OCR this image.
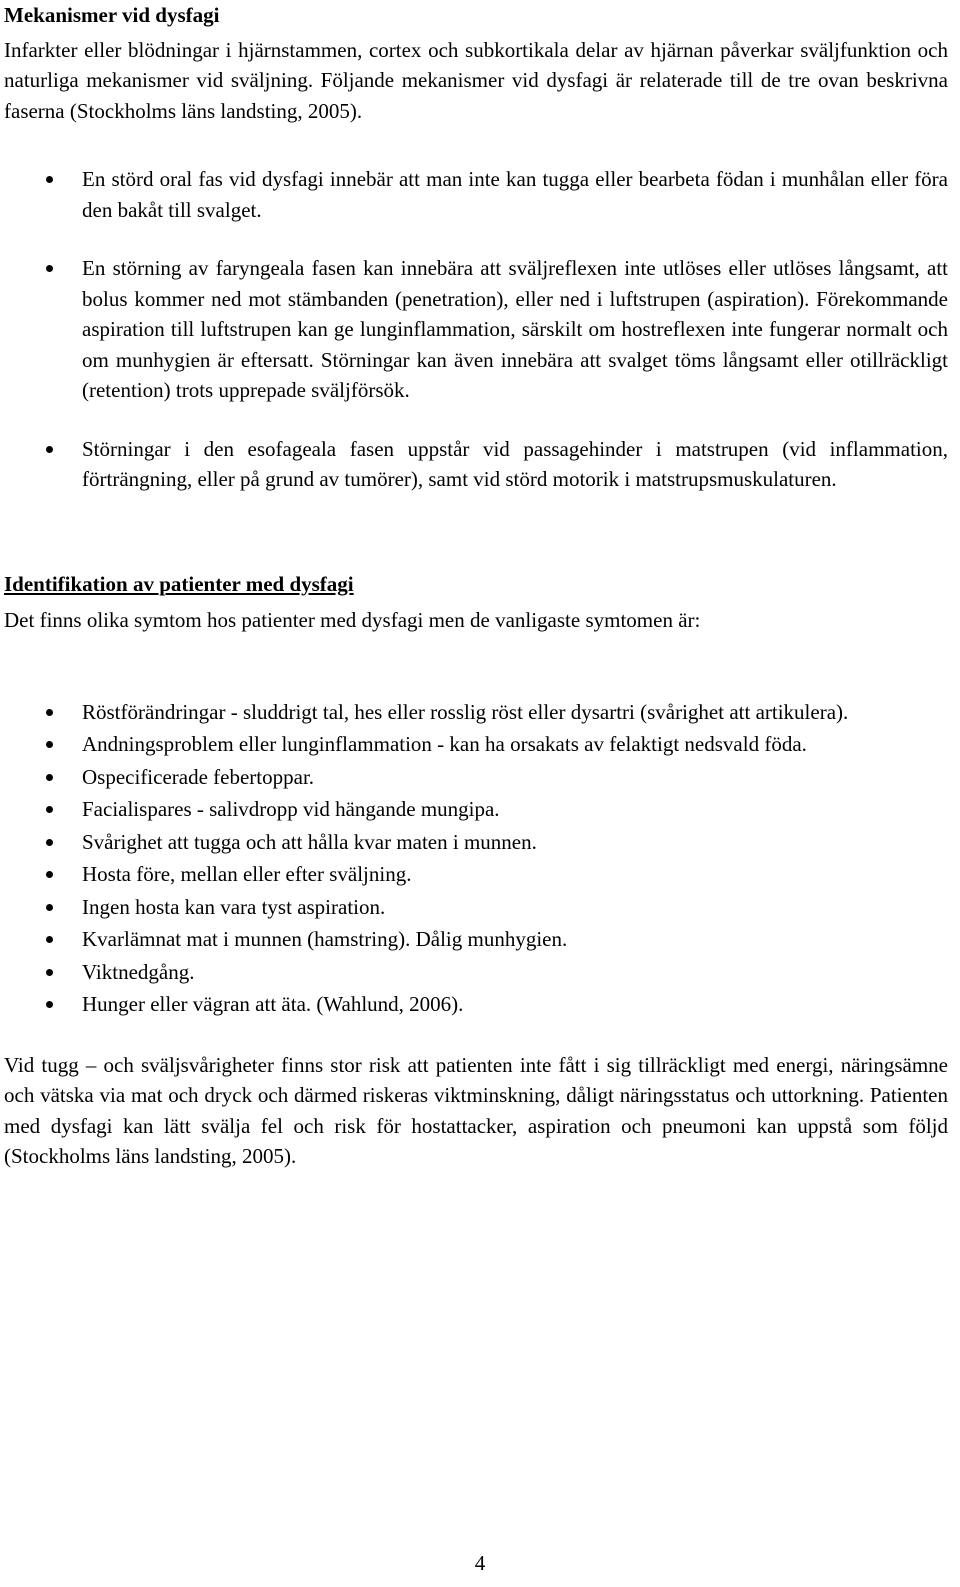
Mekanismer vid dysfagi

Infarkter eller blödningar i hjärnstammen, cortex och subkortikala delar av hjärnan påverkar sväljfunktion och naturliga mekanismer vid sväljning. Följande mekanismer vid dysfagi är relaterade till de tre ovan beskrivna faserna (Stockholms läns landsting, 2005).

En störd oral fas vid dysfagi innebär att man inte kan tugga eller bearbeta födan i munhålan eller föra den bakåt till svalget.
En störning av faryngeala fasen kan innebära att sväljreflexen inte utlöses eller utlöses långsamt, att bolus kommer ned mot stämbanden (penetration), eller ned i luftstrupen (aspiration). Förekommande aspiration till luftstrupen kan ge lunginflammation, särskilt om hostreflexen inte fungerar normalt och om munhygien är eftersatt. Störningar kan även innebära att svalget töms långsamt eller otillräckligt (retention) trots upprepade sväljförsök.
Störningar i den esofageala fasen uppstår vid passagehinder i matstrupen (vid inflammation, förträngning, eller på grund av tumörer), samt vid störd motorik i matstrupsmuskulaturen.
Identifikation av patienter med dysfagi

Det finns olika symtom hos patienter med dysfagi men de vanligaste symtomen är:

Röstförändringar - sluddrigt tal, hes eller rosslig röst eller dysartri (svårighet att artikulera).
Andningsproblem eller lunginflammation - kan ha orsakats av felaktigt nedsvald föda.
Ospecificerade febertoppar.
Facialispares - salivdropp vid hängande mungipa.
Svårighet att tugga och att hålla kvar maten i munnen.
Hosta före, mellan eller efter sväljning.
Ingen hosta kan vara tyst aspiration.
Kvarlämnat mat i munnen (hamstring). Dålig munhygien.
Viktnedgång.
Hunger eller vägran att äta. (Wahlund, 2006).

Vid tugg – och sväljsvårigheter finns stor risk att patienten inte fått i sig tillräckligt med energi, näringsämne och vätska via mat och dryck och därmed riskeras viktminskning, dåligt näringsstatus och uttorkning. Patienten med dysfagi kan lätt svälja fel och risk för hostattacker, aspiration och pneumoni kan uppstå som följd (Stockholms läns landsting, 2005).

4
